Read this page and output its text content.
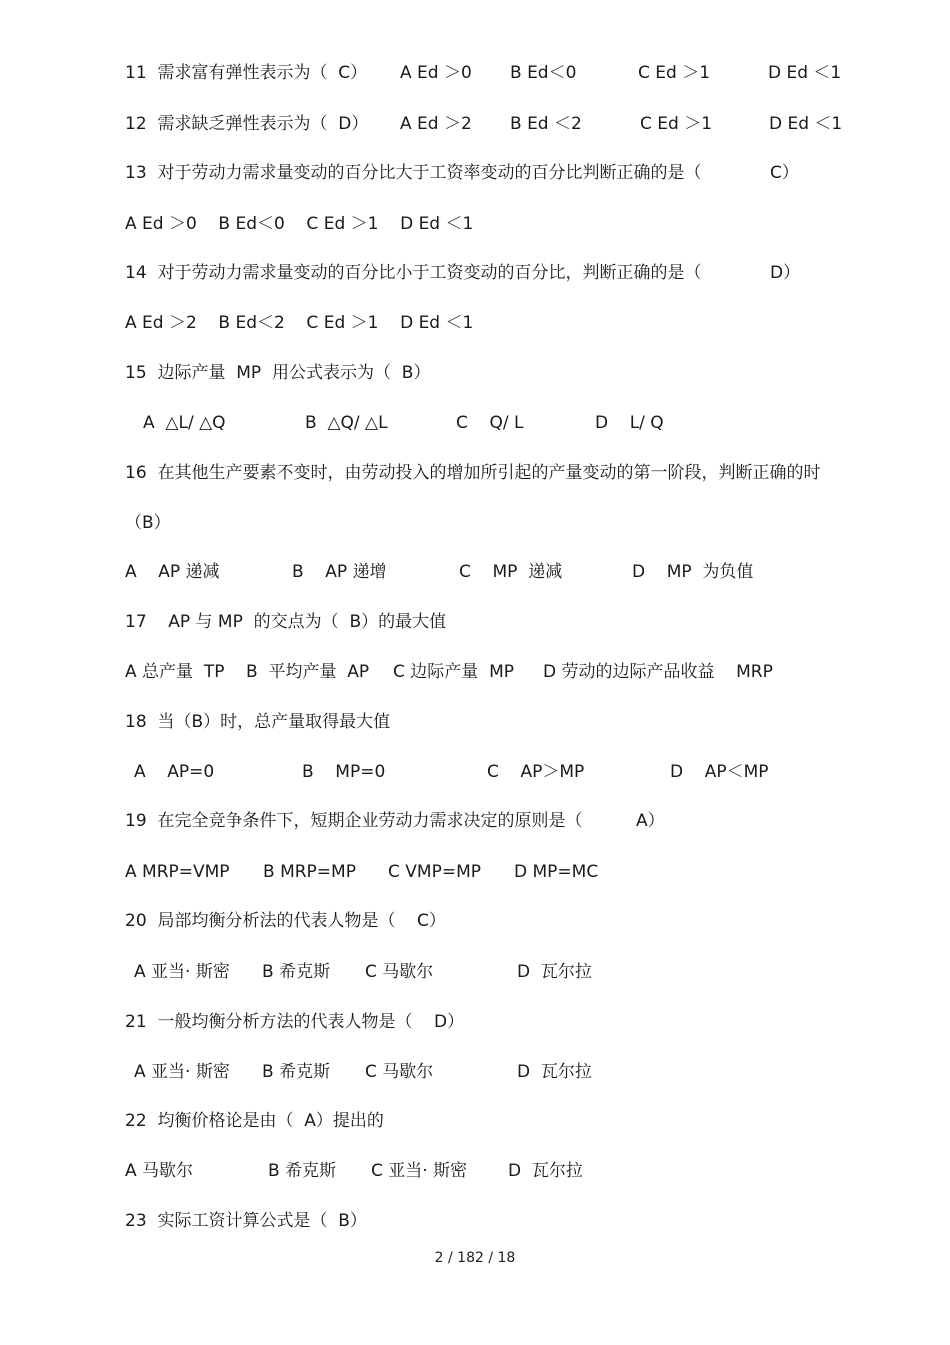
11  需求富有弹性表示为（  C） A Ed ＞0 B Ed＜0	C Ed ＞1	D Ed ＜1
12  需求缺乏弹性表示为（  D） A Ed ＞2 B Ed ＜2	C Ed ＞1	D Ed ＜1
13  对于劳动力需求量变动的百分比大于工资率变动的百分比判断正确的是（	C）
A Ed ＞0    B Ed＜0    C Ed ＞1    D Ed ＜1
14  对于劳动力需求量变动的百分比小于工资变动的百分比，判断正确的是（	D）
A Ed ＞2    B Ed＜2    C Ed ＞1    D Ed ＜1
15  边际产量  MP  用公式表示为（  B）
A  △L/ △Q	B  △Q/ △L	C    Q/ L	D    L/ Q
16  在其他生产要素不变时，由劳动投入的增加所引起的产量变动的第一阶段，判断正确的时
（B）
A    AP 递减	B    AP 递增	C    MP  递减	D    MP  为负值
17    AP 与 MP  的交点为（  B）的最大值
A 总产量  TP B  平均产量  AP C 边际产量  MP D 劳动的边际产品收益    MRP
18  当（B）时，总产量取得最大值
A    AP=0	B    MP=0	C    AP＞MP	D    AP＜MP
19  在完全竞争条件下，短期企业劳动力需求决定的原则是（	A）
A MRP=VMP B MRP=MP C VMP=MP D MP=MC
20  局部均衡分析法的代表人物是（    C）
A 亚当· 斯密 B 希克斯 C 马歇尔	D  瓦尔拉
21  一般均衡分析方法的代表人物是（    D）
A 亚当· 斯密 B 希克斯 C 马歇尔	D  瓦尔拉
22  均衡价格论是由（  A）提出的
A 马歇尔	B 希克斯 C 亚当· 斯密 D  瓦尔拉
23  实际工资计算公式是（  B）
2 / 182 / 18
